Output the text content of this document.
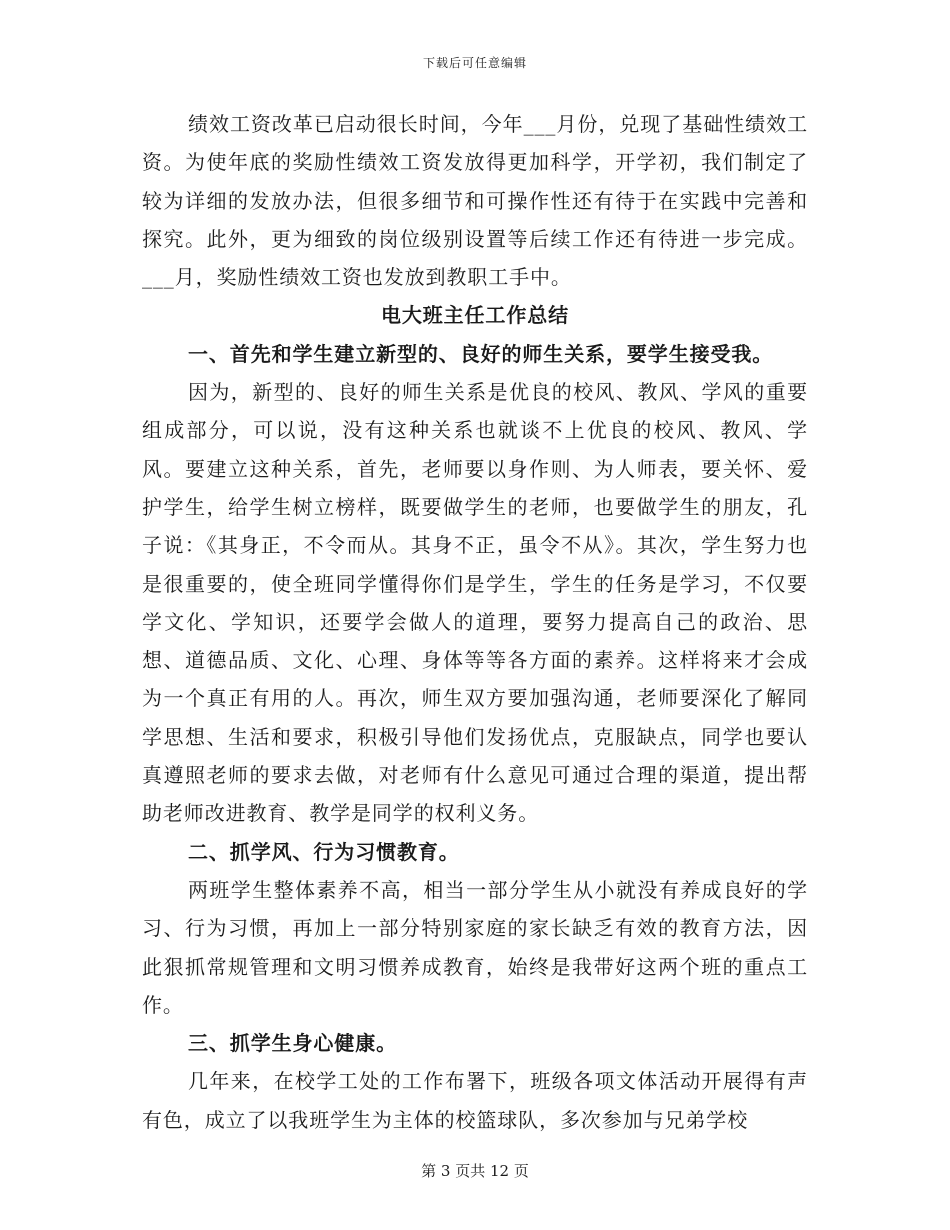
下载后可任意编辑

绩效工资改革已启动很长时间，今年___月份，兑现了基础性绩效工资。为使年底的奖励性绩效工资发放得更加科学，开学初，我们制定了较为详细的发放办法，但很多细节和可操作性还有待于在实践中完善和探究。此外，更为细致的岗位级别设置等后续工作还有待进一步完成。___月，奖励性绩效工资也发放到教职工手中。

电大班主任工作总结

一、首先和学生建立新型的、良好的师生关系，要学生接受我。

因为，新型的、良好的师生关系是优良的校风、教风、学风的重要组成部分，可以说，没有这种关系也就谈不上优良的校风、教风、学风。要建立这种关系，首先，老师要以身作则、为人师表，要关怀、爱护学生，给学生树立榜样，既要做学生的老师，也要做学生的朋友，孔子说：《其身正，不令而从。其身不正，虽令不从》。其次，学生努力也是很重要的，使全班同学懂得你们是学生，学生的任务是学习，不仅要学文化、学知识，还要学会做人的道理，要努力提高自己的政治、思想、道德品质、文化、心理、身体等等各方面的素养。这样将来才会成为一个真正有用的人。再次，师生双方要加强沟通，老师要深化了解同学思想、生活和要求，积极引导他们发扬优点，克服缺点，同学也要认真遵照老师的要求去做，对老师有什么意见可通过合理的渠道，提出帮助老师改进教育、教学是同学的权利义务。

二、抓学风、行为习惯教育。

两班学生整体素养不高，相当一部分学生从小就没有养成良好的学习、行为习惯，再加上一部分特别家庭的家长缺乏有效的教育方法，因此狠抓常规管理和文明习惯养成教育，始终是我带好这两个班的重点工作。

三、抓学生身心健康。

几年来，在校学工处的工作布署下，班级各项文体活动开展得有声有色，成立了以我班学生为主体的校篮球队，多次参加与兄弟学校

第 3 页共 12 页
